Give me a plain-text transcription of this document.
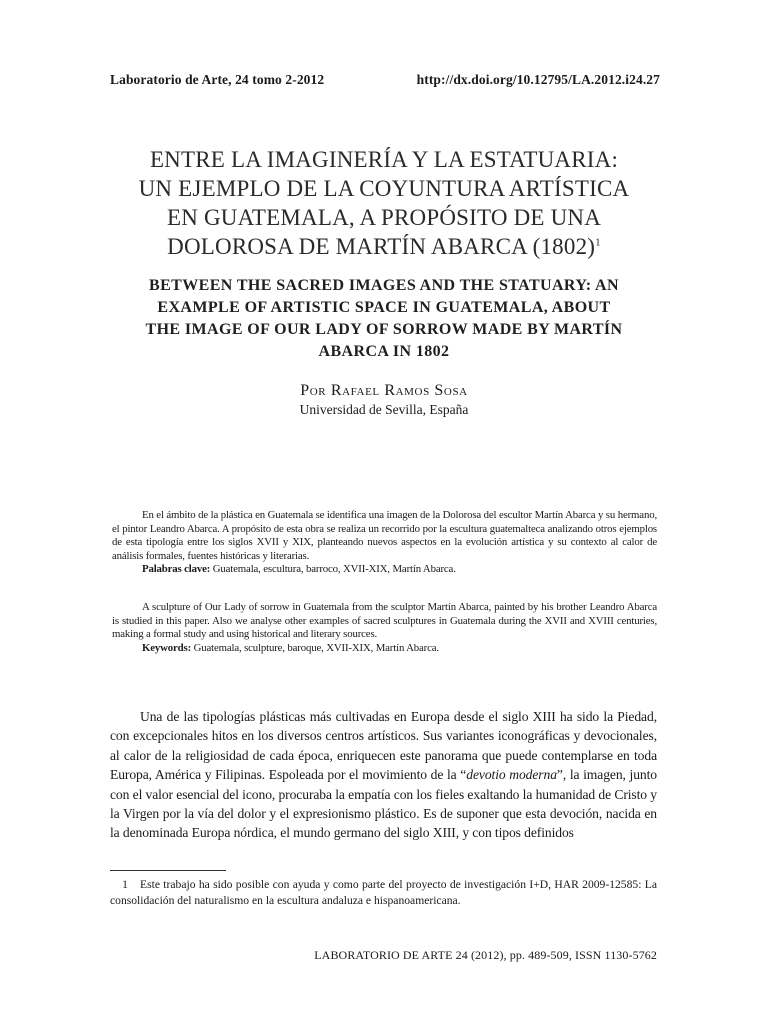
Laboratorio de Arte, 24 tomo 2-2012	http://dx.doi.org/10.12795/LA.2012.i24.27
ENTRE LA IMAGINERÍA Y LA ESTATUARIA:
UN EJEMPLO DE LA COYUNTURA ARTÍSTICA
EN GUATEMALA, A PROPÓSITO DE UNA
DOLOROSA DE MARTÍN ABARCA $(1802)^1$
BETWEEN THE SACRED IMAGES AND THE STATUARY: AN
EXAMPLE OF ARTISTIC SPACE IN GUATEMALA, ABOUT
THE IMAGE OF OUR LADY OF SORROW MADE BY MARTÍN
ABARCA IN 1802
Por Rafael Ramos Sosa
Universidad de Sevilla, España

En el ámbito de la plástica en Guatemala se identifica una imagen de la Dolorosa del escultor Martín Abarca y su hermano, el pintor Leandro Abarca. A propósito de esta obra se realiza un recorrido por la escultura guatemalteca analizando otros ejemplos de esta tipología entre los siglos XVII y XIX, planteando nuevos aspectos en la evolución artística y su contexto al calor de análisis formales, fuentes históricas y literarias.

Palabras clave: Guatemala, escultura, barroco, XVII-XIX, Martín Abarca.

A sculpture of Our Lady of sorrow in Guatemala from the sculptor Martín Abarca, painted by his brother Leandro Abarca is studied in this paper. Also we analyse other examples of sacred sculptures in Guatemala during the XVII and XVIII centuries, making a formal study and using historical and literary sources.

Keywords: Guatemala, sculpture, baroque, XVII-XIX, Martín Abarca.

Una de las tipologías plásticas más cultivadas en Europa desde el siglo XIII ha sido la Piedad, con excepcionales hitos en los diversos centros artísticos. Sus variantes iconográficas y devocionales, al calor de la religiosidad de cada época, enriquecen este panorama que puede contemplarse en toda Europa, América y Filipinas. Espoleada por el movimiento de la “devotio moderna”, la imagen, junto con el valor esencial del icono, procuraba la empatía con los fieles exaltando la humanidad de Cristo y la Virgen por la vía del dolor y el expresionismo plástico. Es de suponer que esta devoción, nacida en la denominada Europa nórdica, el mundo germano del siglo XIII, y con tipos definidos

1 Este trabajo ha sido posible con ayuda y como parte del proyecto de investigación I+D, HAR 2009-12585: La consolidación del naturalismo en la escultura andaluza e hispanoamericana.
LABORATORIO DE ARTE 24 (2012), pp. 489-509, ISSN 1130-5762
